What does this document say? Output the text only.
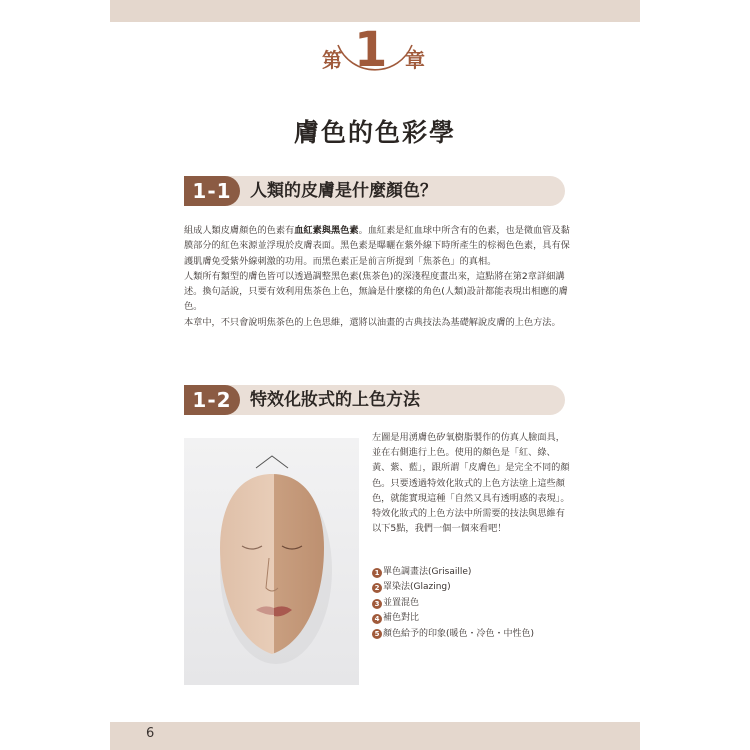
第 1 章
膚色的色彩學
1-1	人類的皮膚是什麼顏色？

組成人類皮膚顏色的色素有血紅素與黑色素。血紅素是紅血球中所含有的色素，也是微血管及黏膜部分的紅色來源並浮現於皮膚表面。黑色素是曝曬在紫外線下時所產生的棕褐色色素，具有保護肌膚免受紫外線刺激的功用。而黑色素正是前言所提到「焦茶色」的真相。

人類所有類型的膚色皆可以透過調整黑色素(焦茶色)的深淺程度畫出來，這點將在第2章詳細講述。換句話說，只要有效利用焦茶色上色，無論是什麼樣的角色(人類)設計都能表現出相應的膚色。

本章中，不只會說明焦茶色的上色思維，還將以油畫的古典技法為基礎解說皮膚的上色方法。

1-2	特效化妝式的上色方法

左圖是用湧膚色矽氧樹脂製作的仿真人臉面具，並在右側進行上色。使用的顏色是「紅、綠、黃、紫、藍」，跟所謂「皮膚色」是完全不同的顏色。只要透過特效化妝式的上色方法塗上這些顏色，就能實現這種「自然又具有透明感的表現」。

特效化妝式的上色方法中所需要的技法與思維有以下5點，我們一個一個來看吧！

1 單色調畫法(Grisaille)
2 罩染法(Glazing)
3 並置混色
4 補色對比
5 顏色給予的印象(暖色・冷色・中性色)
6
